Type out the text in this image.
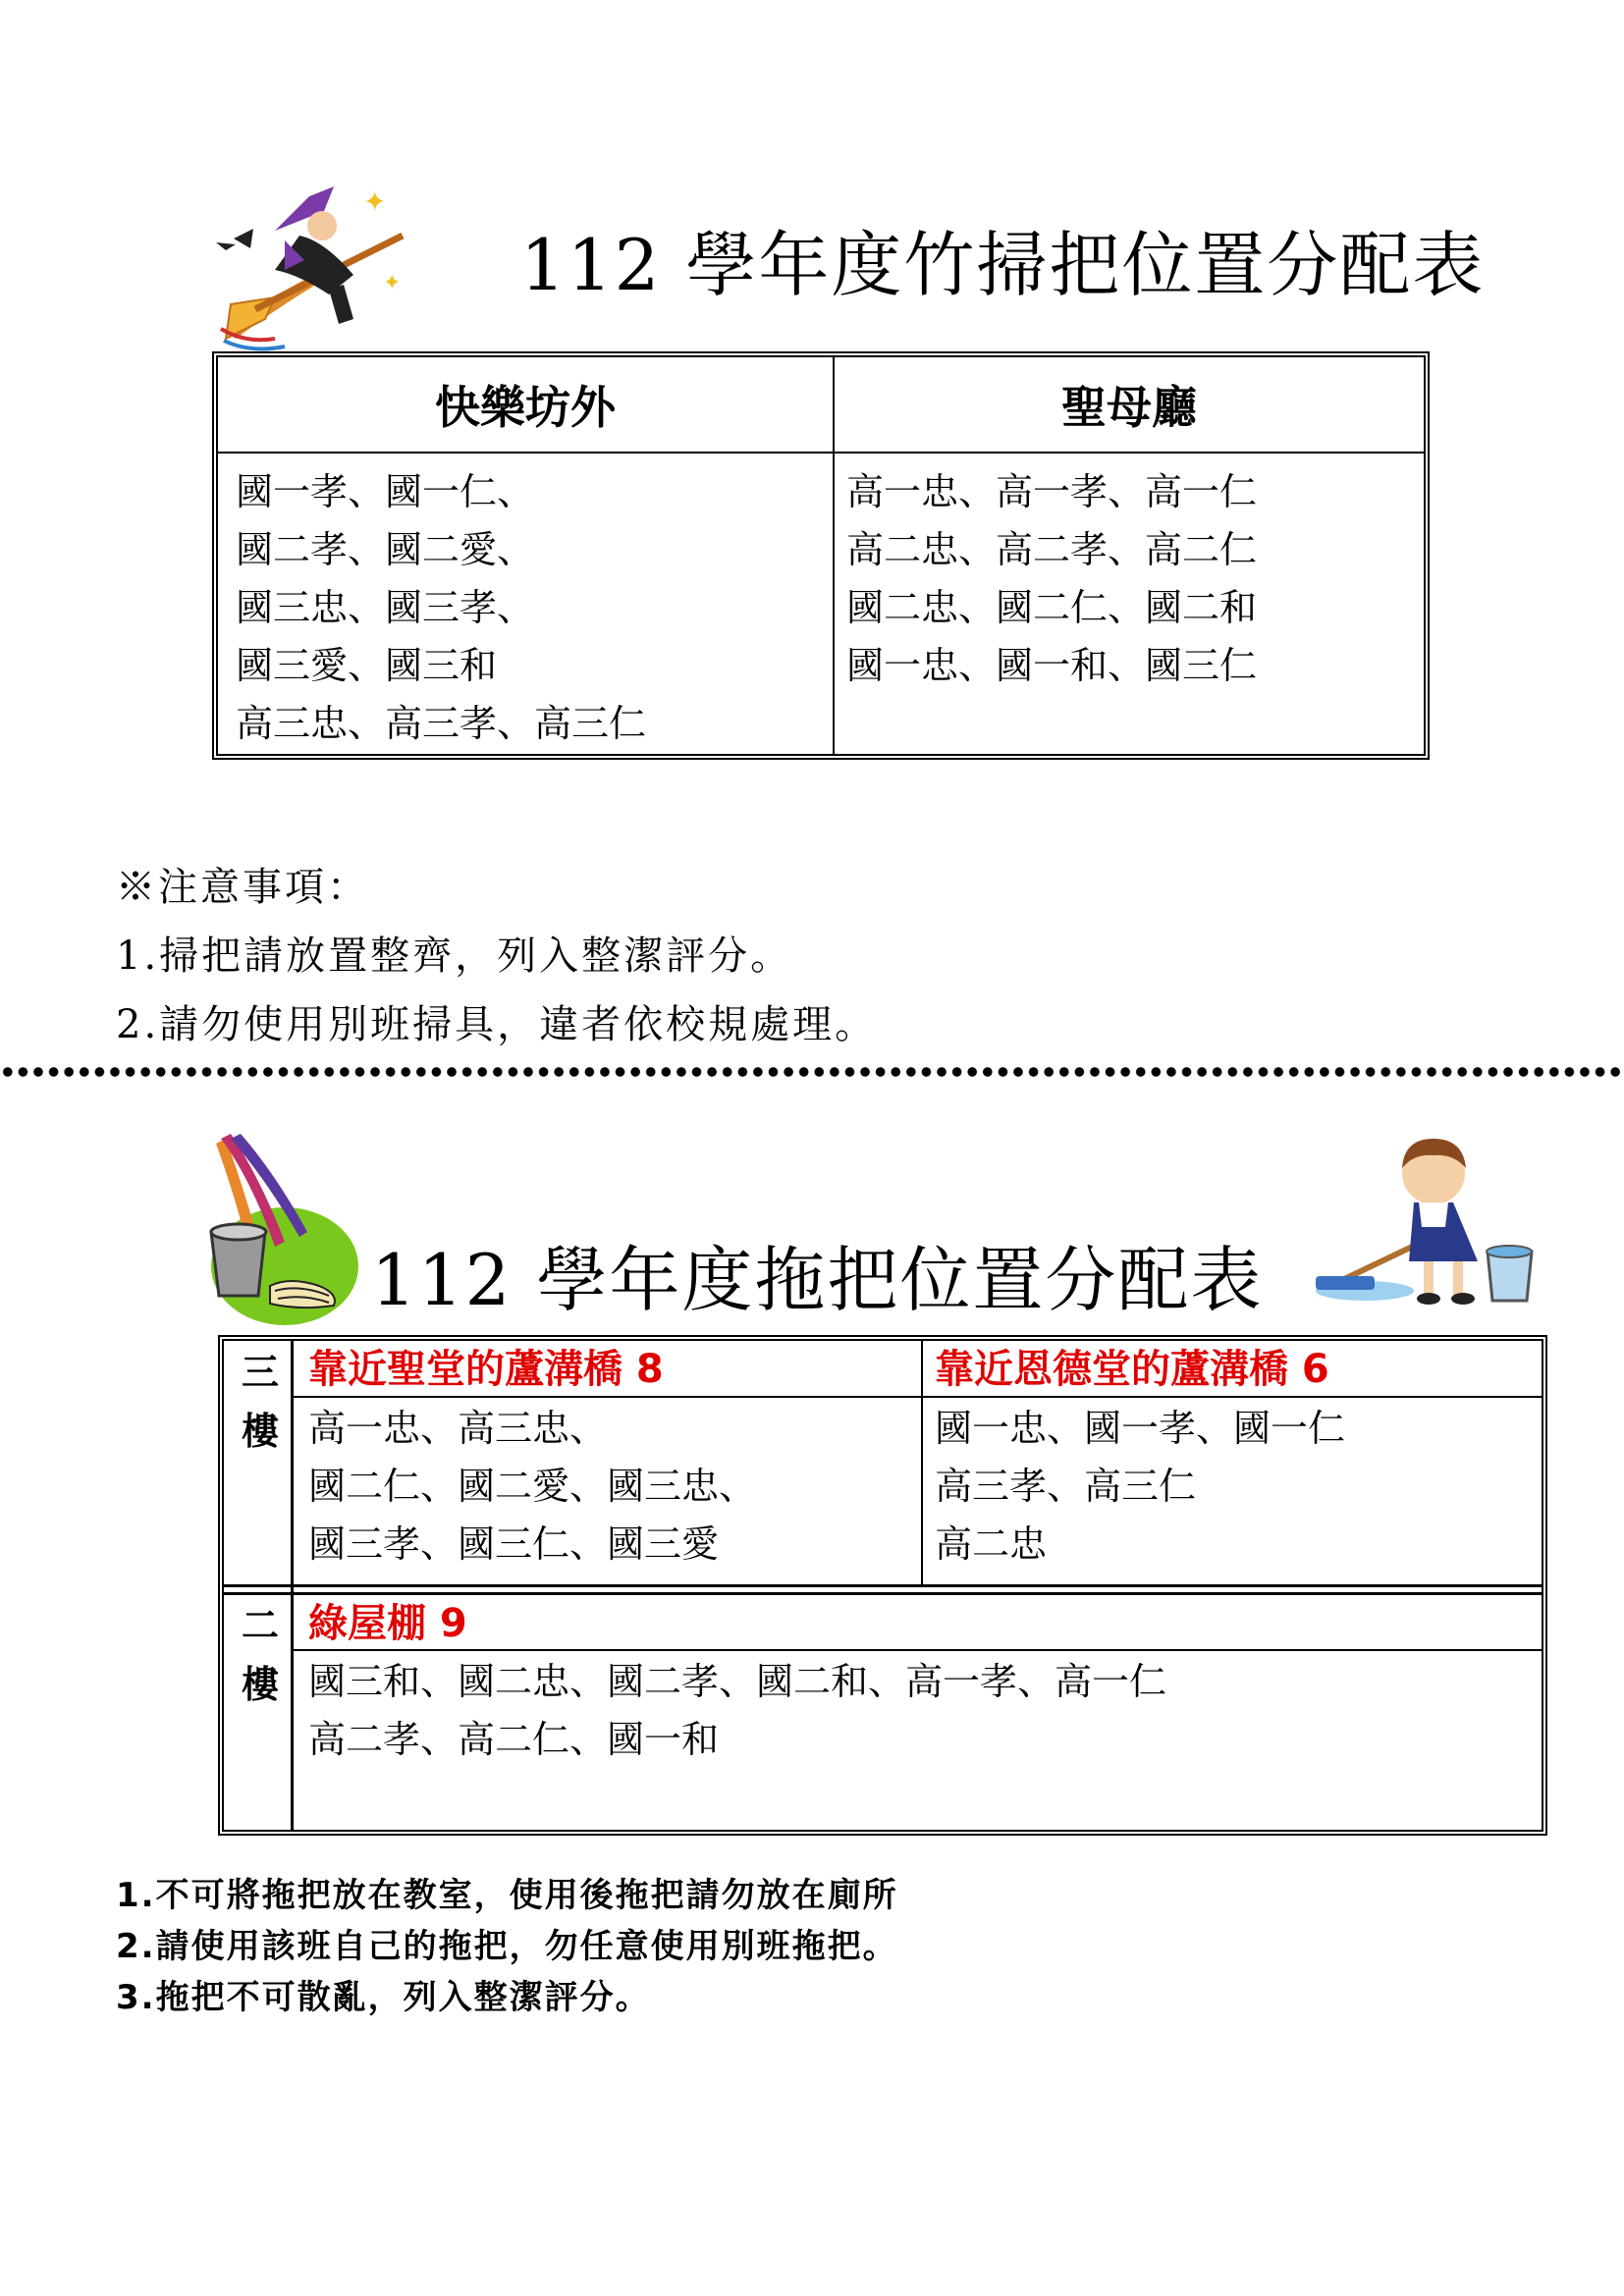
✦
✦ 112 學年度竹掃把位置分配表
快樂坊外	聖母廳
國一孝、國一仁、
國二孝、國二愛、
國三忠、國三孝、
國三愛、國三和
高三忠、高三孝、高三仁
高一忠、高一孝、高一仁
高二忠、高二孝、高二仁
國二忠、國二仁、國二和
國一忠、國一和、國三仁
※注意事項：
1.掃把請放置整齊，列入整潔評分。
2.請勿使用別班掃具，違者依校規處理。
112 學年度拖把位置分配表
三
樓
二
樓
靠近聖堂的蘆溝橋 8	靠近恩德堂的蘆溝橋 6
高一忠、高三忠、
國二仁、國二愛、國三忠、
國三孝、國三仁、國三愛
國一忠、國一孝、國一仁
高三孝、高三仁
高二忠
綠屋棚 9
國三和、國二忠、國二孝、國二和、高一孝、高一仁
高二孝、高二仁、國一和
1.不可將拖把放在教室，使用後拖把請勿放在廁所
2.請使用該班自己的拖把，勿任意使用別班拖把。
3.拖把不可散亂，列入整潔評分。
